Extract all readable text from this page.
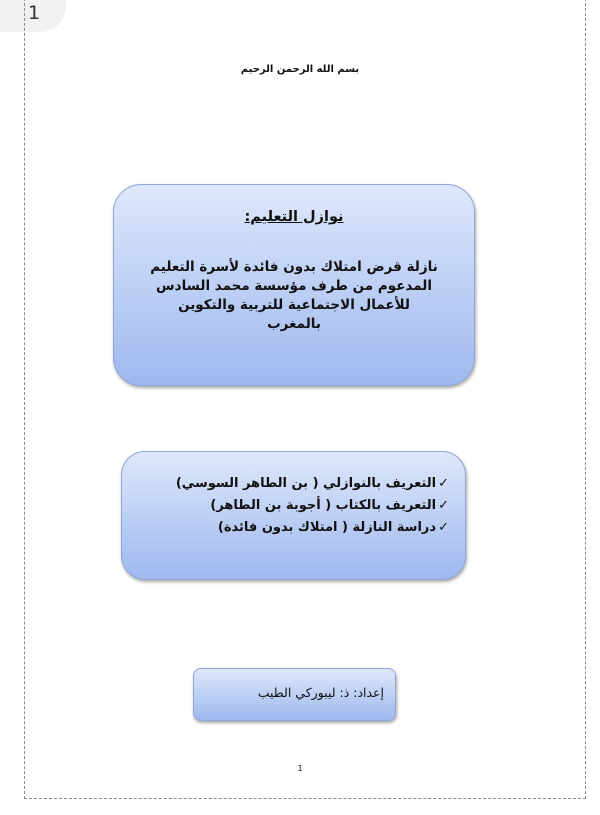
1
بسم الله الرحمن الرحيم
نوازل التعليم:

نازلة قرض امتلاك بدون فائدة لأسرة التعليم
المدعوم من طرف مؤسسة محمد السادس
للأعمال الاجتماعية للتربية والتكوين
بالمغرب

✓التعريف بالنوازلي ( بن الطاهر السوسي)
✓التعريف بالكتاب ( أجوبة بن الطاهر)
✓دراسة النازلة ( امتلاك بدون فائدة)
إعداد: ذ: ليبوركي الطيب
1
